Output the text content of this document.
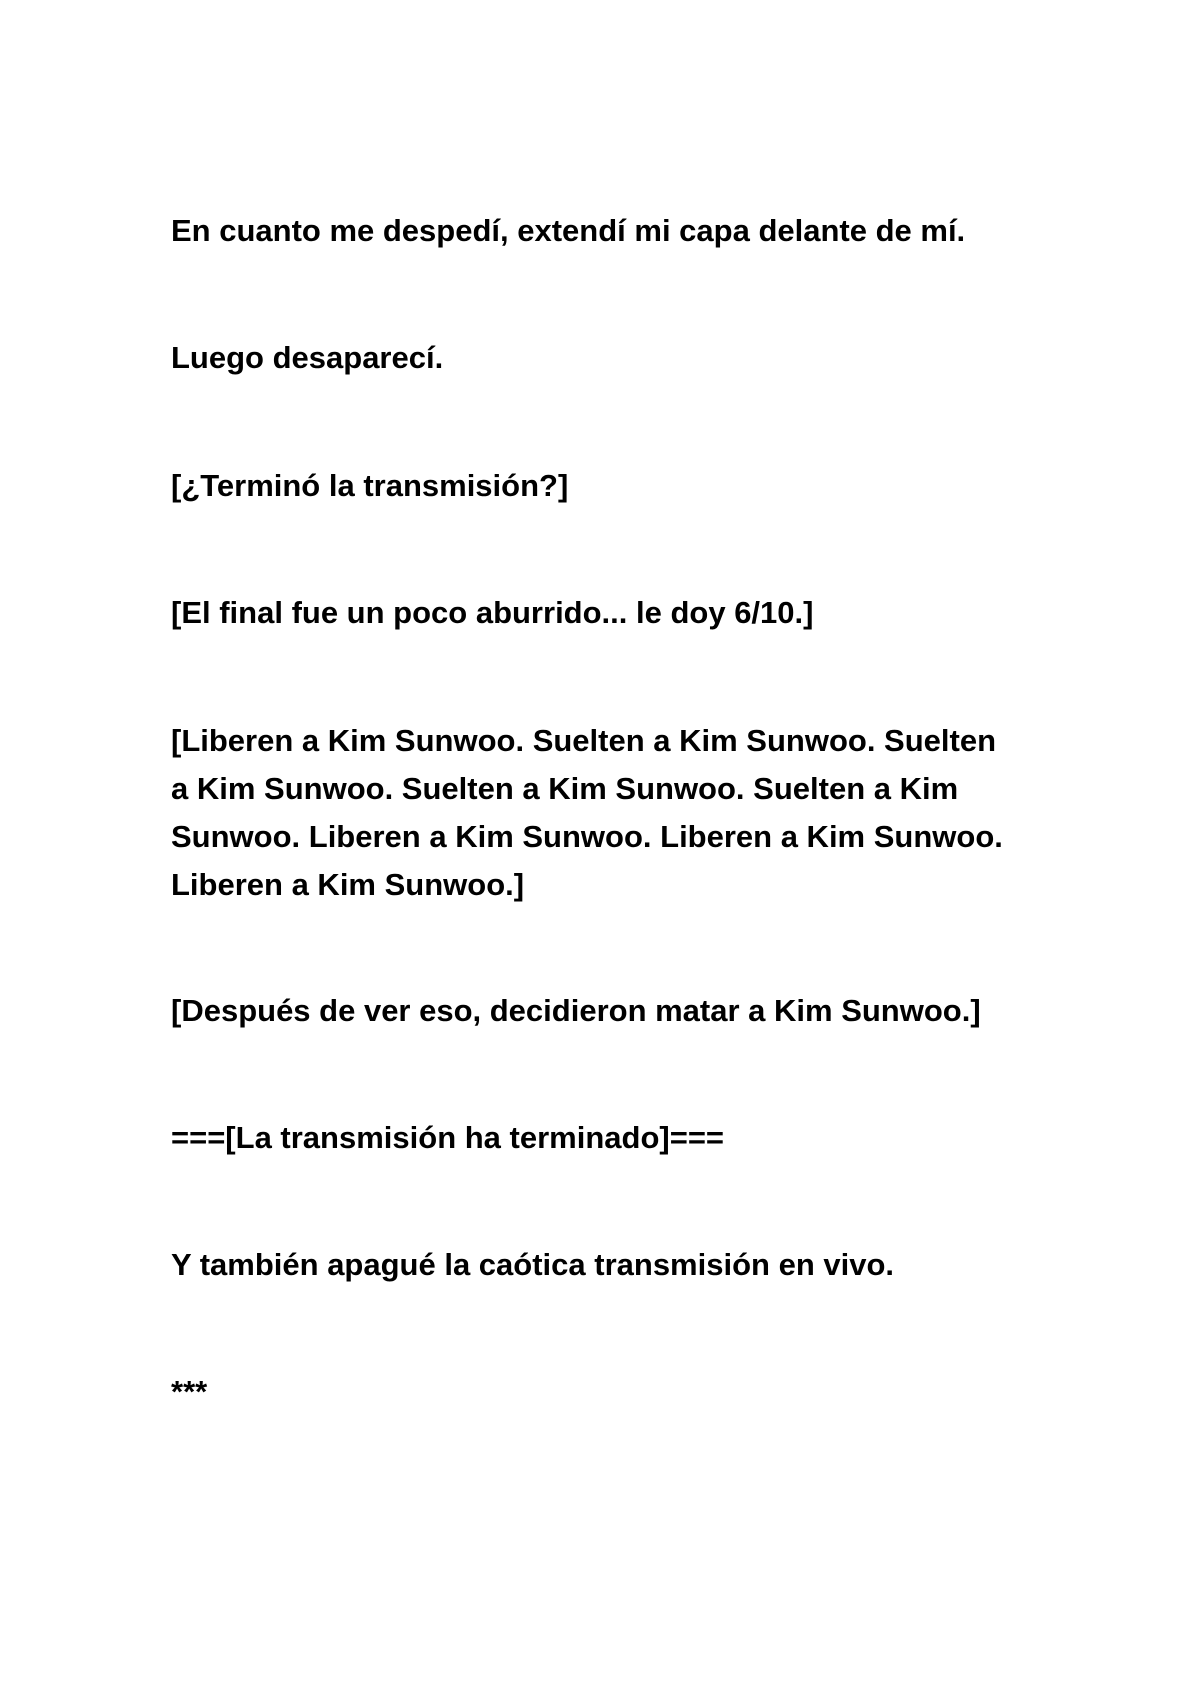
En cuanto me despedí, extendí mi capa delante de mí.

Luego desaparecí.

[¿Terminó la transmisión?]

[El final fue un poco aburrido... le doy 6/10.]

[Liberen a Kim Sunwoo. Suelten a Kim Sunwoo. Suelten a Kim Sunwoo. Suelten a Kim Sunwoo. Suelten a Kim Sunwoo. Liberen a Kim Sunwoo. Liberen a Kim Sunwoo. Liberen a Kim Sunwoo.]

[Después de ver eso, decidieron matar a Kim Sunwoo.]

===[La transmisión ha terminado]===

Y también apagué la caótica transmisión en vivo.

***
